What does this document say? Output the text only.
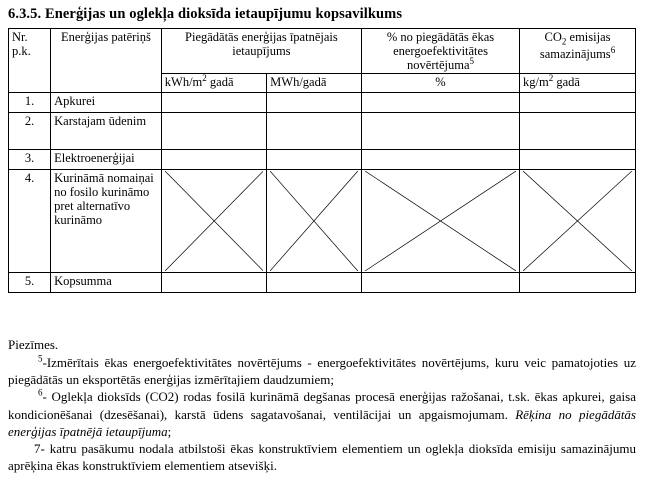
6.3.5. Enerģijas un oglekļa dioksīda ietaupījumu kopsavilkums
Nr.
p.k.	Enerģijas patēriņš	Piegādātās enerģijas īpatnējais ietaupījums		% no piegādātās ēkas energoefektivitātes novērtējuma$^5$	$CO_2$ emisijas samazinājums$^6$
		kWh/$m^2$ gadā	MWh/gadā	%	$kg/m^2$ gadā
1.	Apkurei				
2.	Karstajam ūdenim				
3.	Elektroenerģijai				
4.	Kurināmā nomaiņai no fosilo kurināmo pret alternatīvo kurināmo	

5.	Kopsumma				

Piezīmes.

$^5$-Izmērītais ēkas energoefektivitātes novērtējums - energoefektivitātes novērtējums, kuru veic pamatojoties uz piegādātās un eksportētās enerģijas izmērītajiem daudzumiem;

$^6$- Oglekļa dioksīds (CO2) rodas fosilā kurināmā degšanas procesā enerģijas ražošanai, t.sk. ēkas apkurei, gaisa kondicionēšanai (dzesēšanai), karstā ūdens sagatavošanai, ventilācijai un apgaismojumam. Rēķina no piegādātās enerģijas īpatnējā ietaupījuma;

7- katru pasākumu nodala atbilstoši ēkas konstruktīviem elementiem un oglekļa dioksīda emisiju samazinājumu aprēķina ēkas konstruktīviem elementiem atsevišķi.
